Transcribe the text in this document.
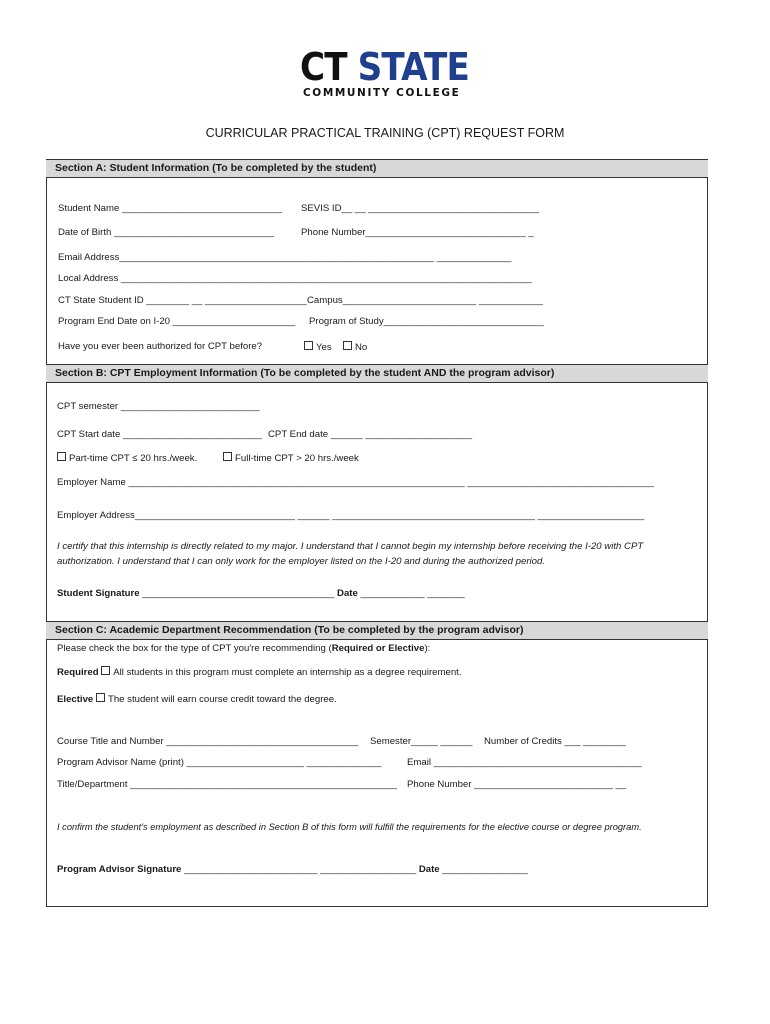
CT STATE
COMMUNITY COLLEGE
CURRICULAR PRACTICAL TRAINING (CPT) REQUEST FORM
Section A: Student Information (To be completed by the student)
Student Name ______________________________ SEVIS ID__ __ ________________________________
Date of Birth ______________________________	Phone Number______________________________ _
Email Address___________________________________________________________ ______________
Local Address _____________________________________________________________________________
CT State Student ID ________ __ ___________________ Campus_________________________ ____________
Program End Date on I-20 _______________________ Program of Study______________________________
Have you ever been authorized for CPT before?	Yes	No
Section B: CPT Employment Information (To be completed by the student AND the program advisor)
CPT semester __________________________
CPT Start date __________________________ CPT End date ______ ____________________
Part-time CPT ≤ 20 hrs./week.	Full-time CPT > 20 hrs./week
Employer Name _______________________________________________________________ ___________________________________
Employer Address______________________________ ______ ______________________________________ ____________________
I certify that this internship is directly related to my major. I understand that I cannot begin my internship before receiving the I-20 with CPT
authorization. I understand that I can only work for the employer listed on the I-20 and during the authorized period.
Student Signature ____________________________________ Date ____________ _______
Section C: Academic Department Recommendation (To be completed by the program advisor)
Please check the box for the type of CPT you're recommending (Required or Elective):
Required All students in this program must complete an internship as a degree requirement.
Elective The student will earn course credit toward the degree.
Course Title and Number ____________________________________ Semester_____ ______ Number of Credits ___ ________
Program Advisor Name (print) ______________________ ______________	Email _______________________________________
Title/Department __________________________________________________ Phone Number __________________________ __
I confirm the student's employment as described in Section B of this form will fulfill the requirements for the elective course or degree program.
Program Advisor Signature _________________________ __________________ Date ________________
